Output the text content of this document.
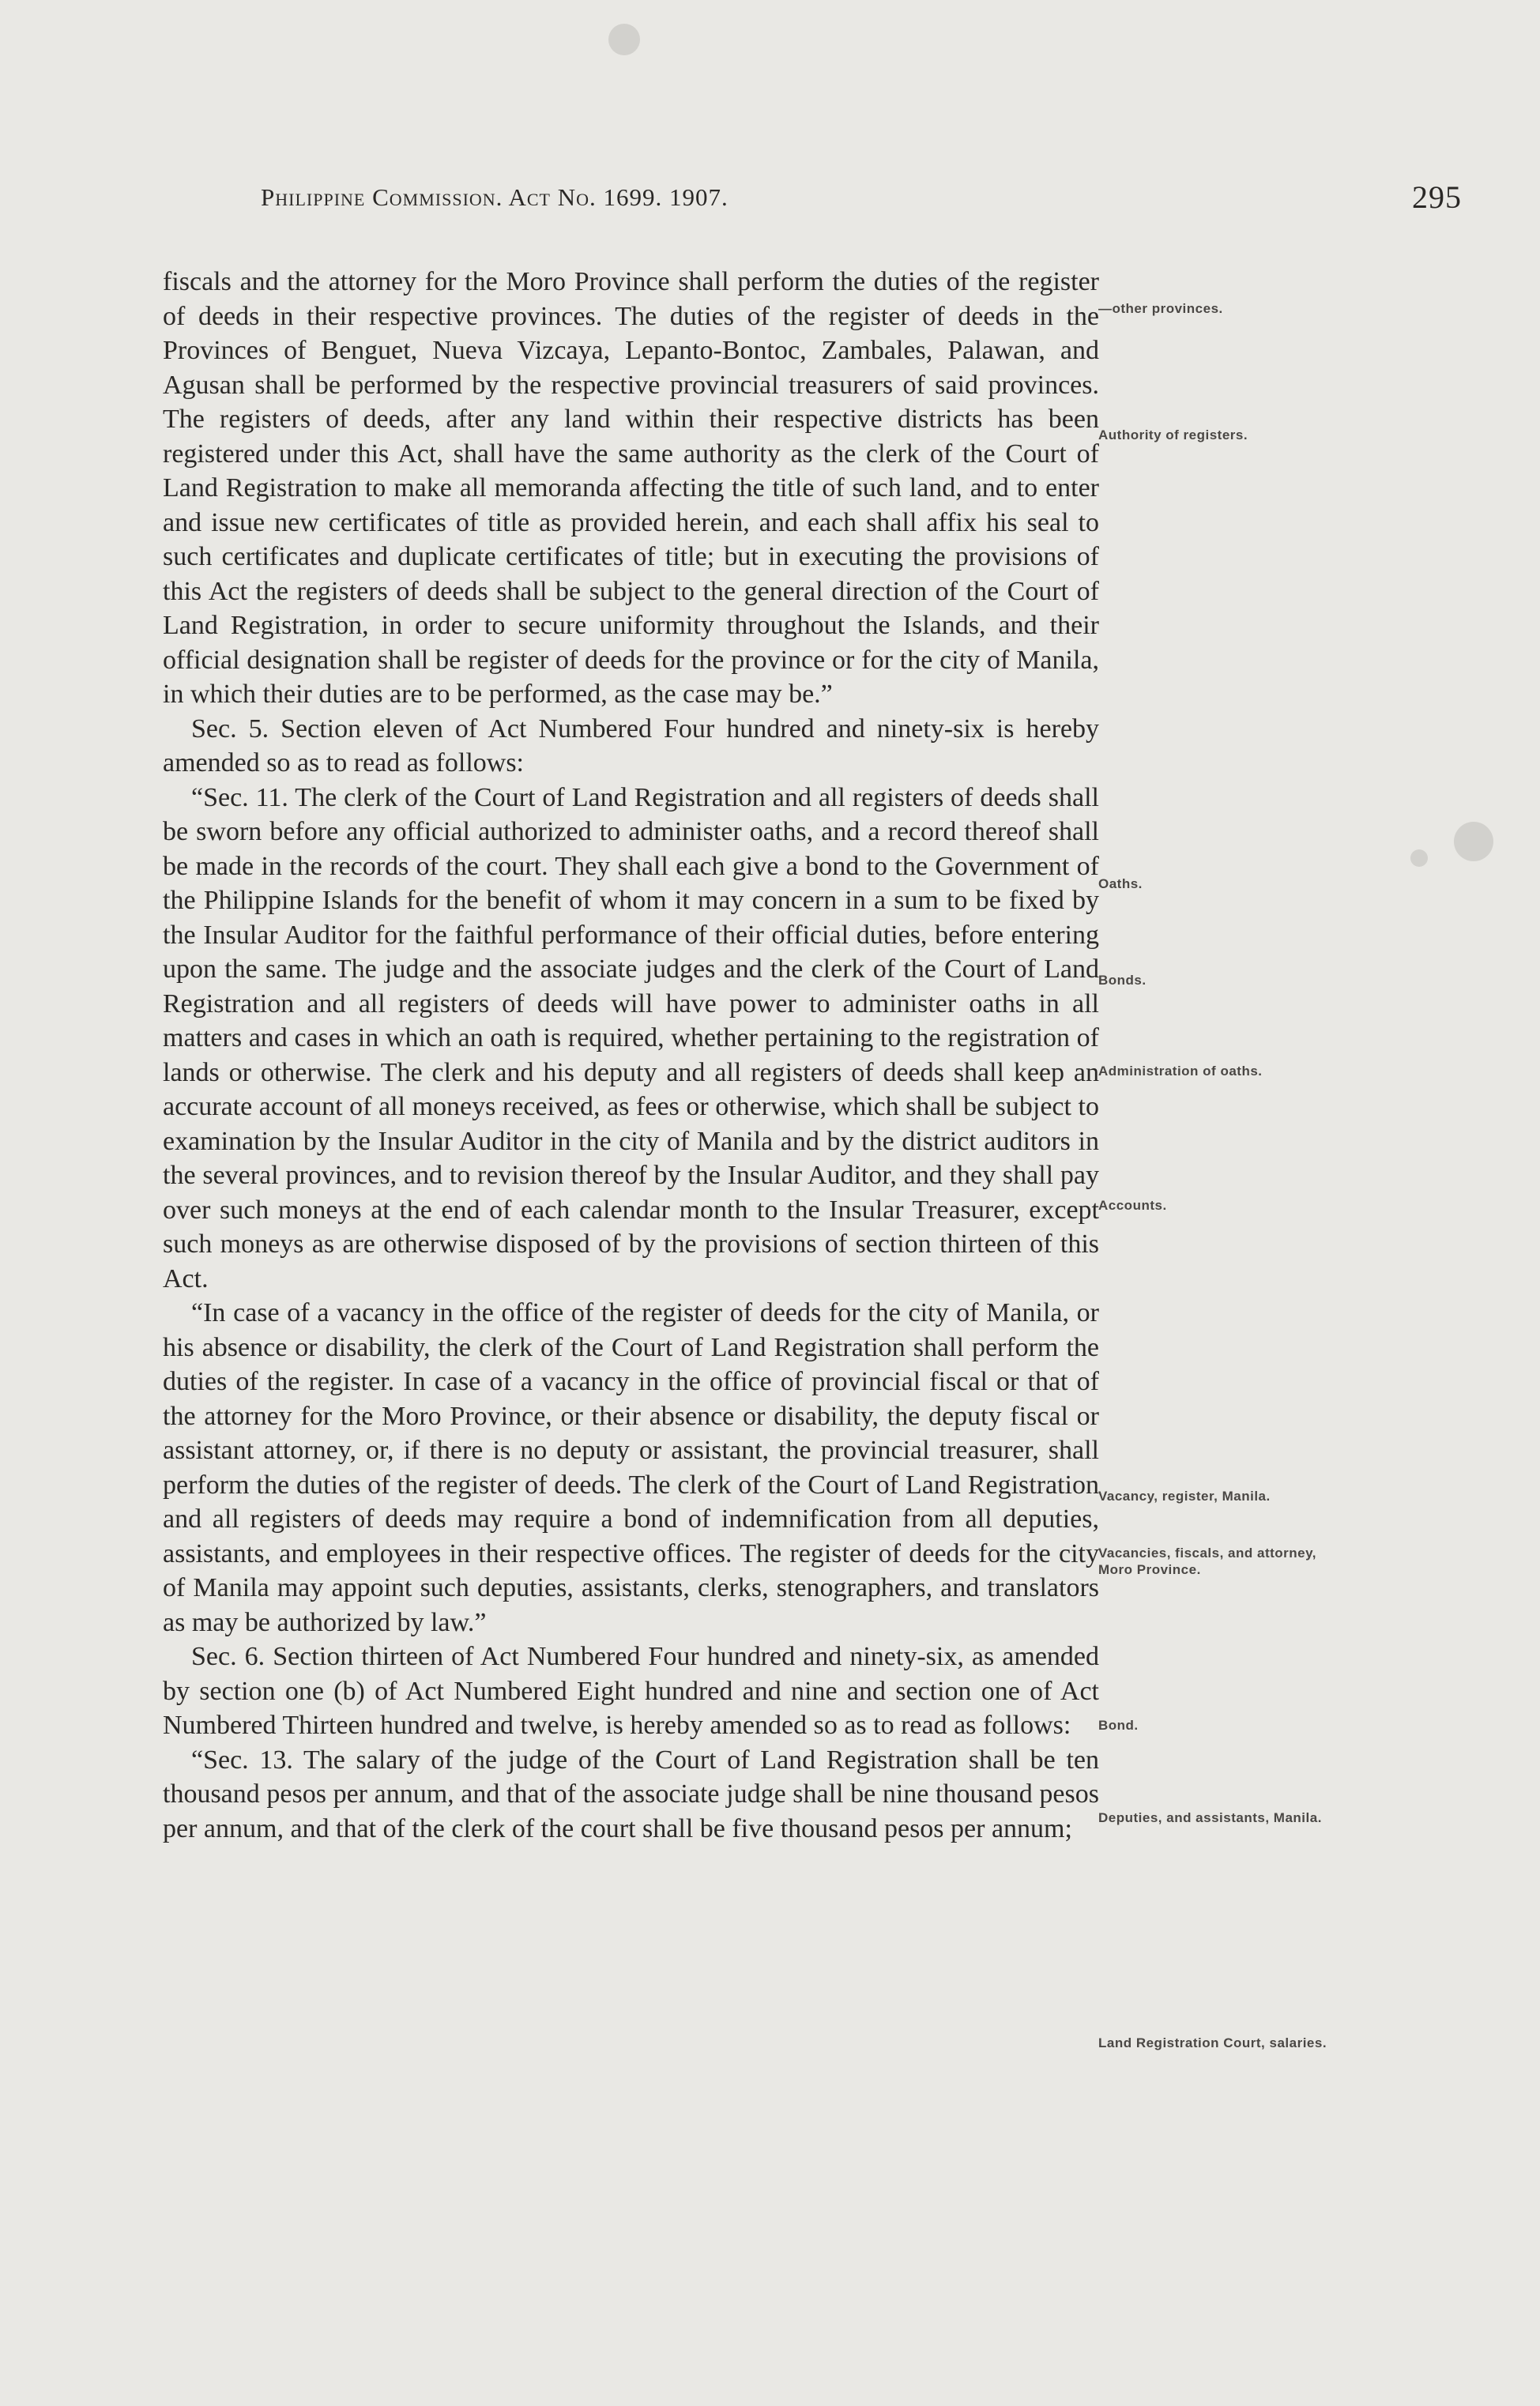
Philippine Commission. Act No. 1699. 1907.	295

fiscals and the attorney for the Moro Province shall perform the duties of the register of deeds in their respective provinces. The duties of the register of deeds in the Provinces of Benguet, Nueva Vizcaya, Lepanto-Bontoc, Zambales, Palawan, and Agusan shall be performed by the respective provincial treasurers of said provinces. The registers of deeds, after any land within their respective districts has been registered under this Act, shall have the same authority as the clerk of the Court of Land Registration to make all memoranda affecting the title of such land, and to enter and issue new certificates of title as provided herein, and each shall affix his seal to such certificates and duplicate certificates of title; but in executing the provisions of this Act the registers of deeds shall be subject to the general direction of the Court of Land Registration, in order to secure uniformity throughout the Islands, and their official designation shall be register of deeds for the province or for the city of Manila, in which their duties are to be performed, as the case may be.”

Sec. 5. Section eleven of Act Numbered Four hundred and ninety-six is hereby amended so as to read as follows:

“Sec. 11. The clerk of the Court of Land Registration and all registers of deeds shall be sworn before any official authorized to administer oaths, and a record thereof shall be made in the records of the court. They shall each give a bond to the Government of the Philippine Islands for the benefit of whom it may concern in a sum to be fixed by the Insular Auditor for the faithful performance of their official duties, before entering upon the same. The judge and the associate judges and the clerk of the Court of Land Registration and all registers of deeds will have power to administer oaths in all matters and cases in which an oath is required, whether pertaining to the registration of lands or otherwise. The clerk and his deputy and all registers of deeds shall keep an accurate account of all moneys received, as fees or otherwise, which shall be subject to examination by the Insular Auditor in the city of Manila and by the district auditors in the several provinces, and to revision thereof by the Insular Auditor, and they shall pay over such moneys at the end of each calendar month to the Insular Treasurer, except such moneys as are otherwise disposed of by the provisions of section thirteen of this Act.

“In case of a vacancy in the office of the register of deeds for the city of Manila, or his absence or disability, the clerk of the Court of Land Registration shall perform the duties of the register. In case of a vacancy in the office of provincial fiscal or that of the attorney for the Moro Province, or their absence or disability, the deputy fiscal or assistant attorney, or, if there is no deputy or assistant, the provincial treasurer, shall perform the duties of the register of deeds. The clerk of the Court of Land Registration and all registers of deeds may require a bond of indemnification from all deputies, assistants, and employees in their respective offices. The register of deeds for the city of Manila may appoint such deputies, assistants, clerks, stenographers, and translators as may be authorized by law.”

Sec. 6. Section thirteen of Act Numbered Four hundred and ninety-six, as amended by section one (b) of Act Numbered Eight hundred and nine and section one of Act Numbered Thirteen hundred and twelve, is hereby amended so as to read as follows:

“Sec. 13. The salary of the judge of the Court of Land Registration shall be ten thousand pesos per annum, and that of the associate judge shall be nine thousand pesos per annum, and that of the clerk of the court shall be five thousand pesos per annum;

—other provinces.
Authority of registers.
Oaths.
Bonds.
Administration of oaths.
Accounts.
Vacancy, register, Manila.
Vacancies, fiscals, and attorney, Moro Province.
Bond.
Deputies, and assistants, Manila.
Land Registration Court, salaries.
